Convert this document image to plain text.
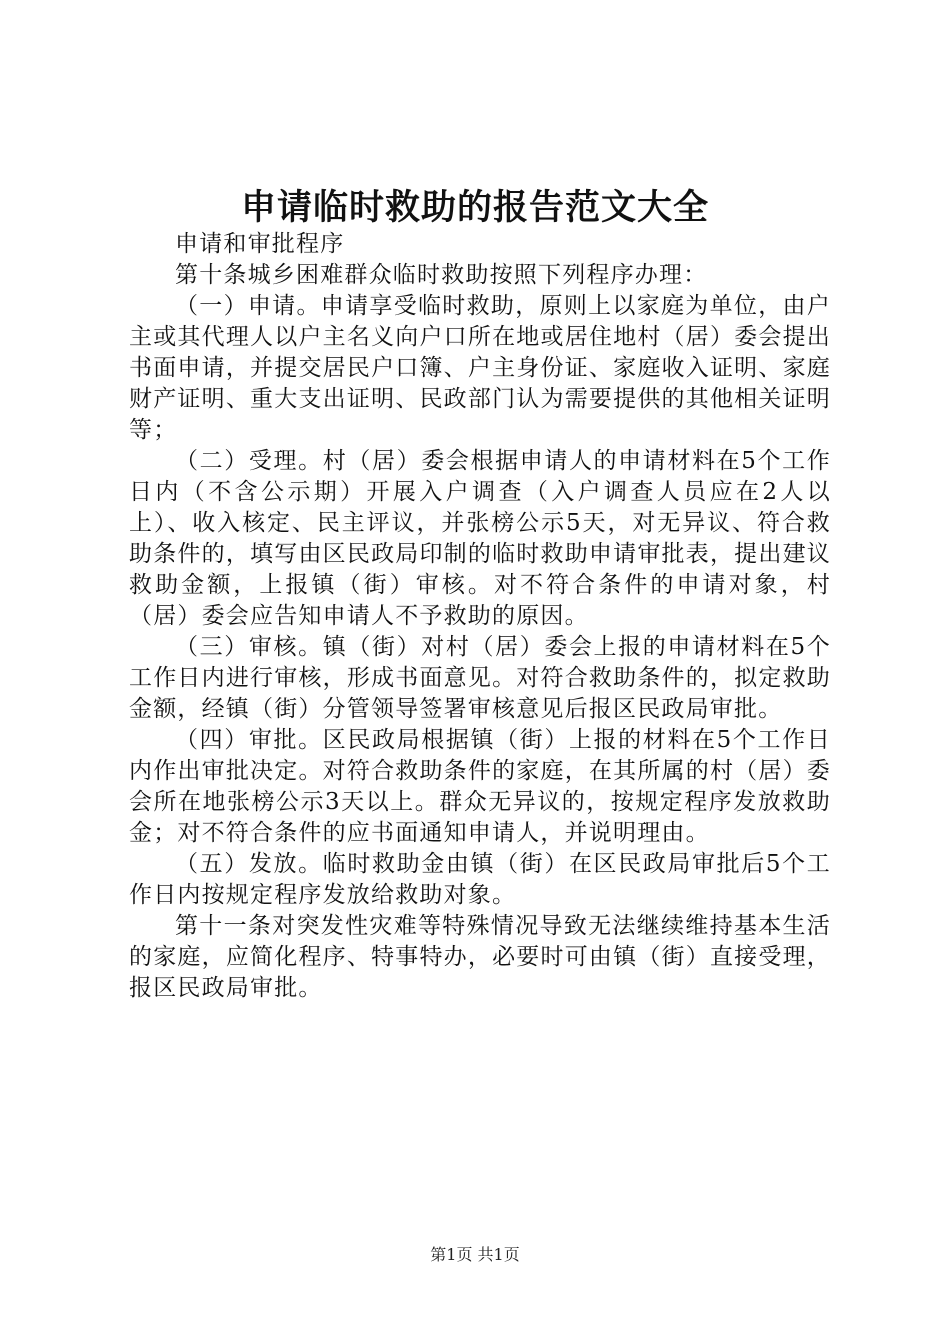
申请临时救助的报告范文大全

申请和审批程序

第十条城乡困难群众临时救助按照下列程序办理：

（一）申请。申请享受临时救助，原则上以家庭为单位，由户主或其代理人以户主名义向户口所在地或居住地村（居）委会提出书面申请，并提交居民户口簿、户主身份证、家庭收入证明、家庭财产证明、重大支出证明、民政部门认为需要提供的其他相关证明等；

（二）受理。村（居）委会根据申请人的申请材料在5个工作日内（不含公示期）开展入户调查（入户调查人员应在2人以上）、收入核定、民主评议，并张榜公示5天，对无异议、符合救助条件的，填写由区民政局印制的临时救助申请审批表，提出建议救助金额，上报镇（街）审核。对不符合条件的申请对象，村（居）委会应告知申请人不予救助的原因。

（三）审核。镇（街）对村（居）委会上报的申请材料在5个工作日内进行审核，形成书面意见。对符合救助条件的，拟定救助金额，经镇（街）分管领导签署审核意见后报区民政局审批。

（四）审批。区民政局根据镇（街）上报的材料在5个工作日内作出审批决定。对符合救助条件的家庭，在其所属的村（居）委会所在地张榜公示3天以上。群众无异议的，按规定程序发放救助金；对不符合条件的应书面通知申请人，并说明理由。

（五）发放。临时救助金由镇（街）在区民政局审批后5个工作日内按规定程序发放给救助对象。

第十一条对突发性灾难等特殊情况导致无法继续维持基本生活的家庭，应简化程序、特事特办，必要时可由镇（街）直接受理，报区民政局审批。

第1页 共1页
